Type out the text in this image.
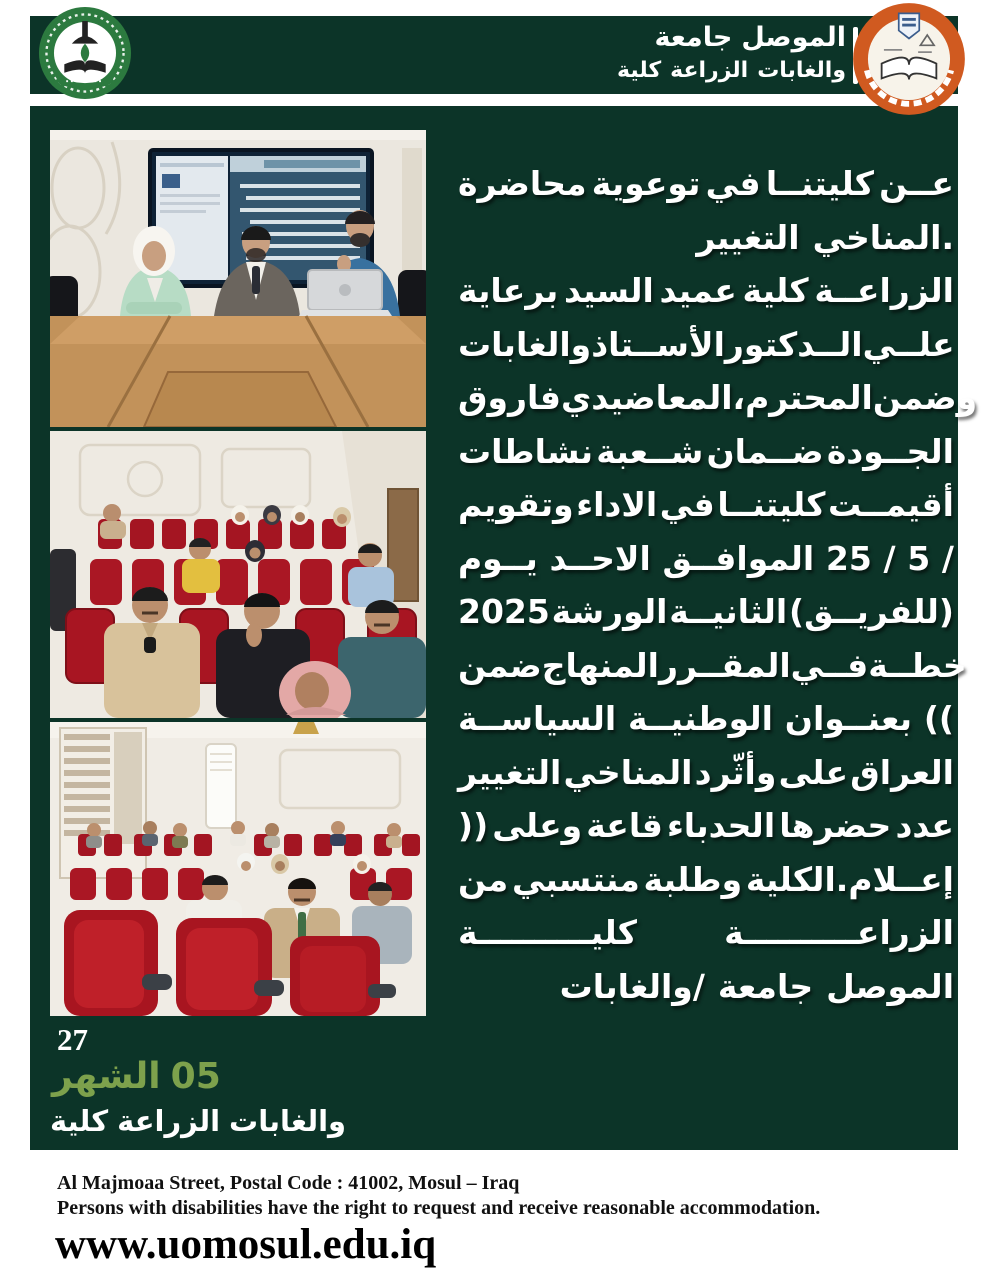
جامعة الموصل
كلية الزراعة والغابات
محاضرة توعوية في كليتنــا عــن
التغيير المناخي.
برعاية السيد عميد كلية الزراعــة
والغابات الأســتاذ الــدكتور علــي
فاروق المعاضيدي المحترم، وضمن
نشاطات شــعبة ضــمان الجــودة
وتقويم الاداء في كليتنــا أقيمــت
يــوم الاحــد الموافــق 25 / 5 /
2025 الورشة الثانيــة (للفريــق)
ضمن المنهاج المقــرر فــي خطــة
السياســة الوطنيــة بعنــوان ((
التغيير المناخي وأثّرد على العراق
)) وعلى قاعة الحدباء حضرها عدد
من منتسبي وطلبة الكلية.إعــلام
كليــــــــــة	الزراعــــــــــة
والغابات/ جامعة الموصل
27
الشهر 05
كلية الزراعة والغابات
Al Majmoaa Street, Postal Code : 41002, Mosul – Iraq
Persons with disabilities have the right to request and receive reasonable accommodation.
www.uomosul.edu.iq
